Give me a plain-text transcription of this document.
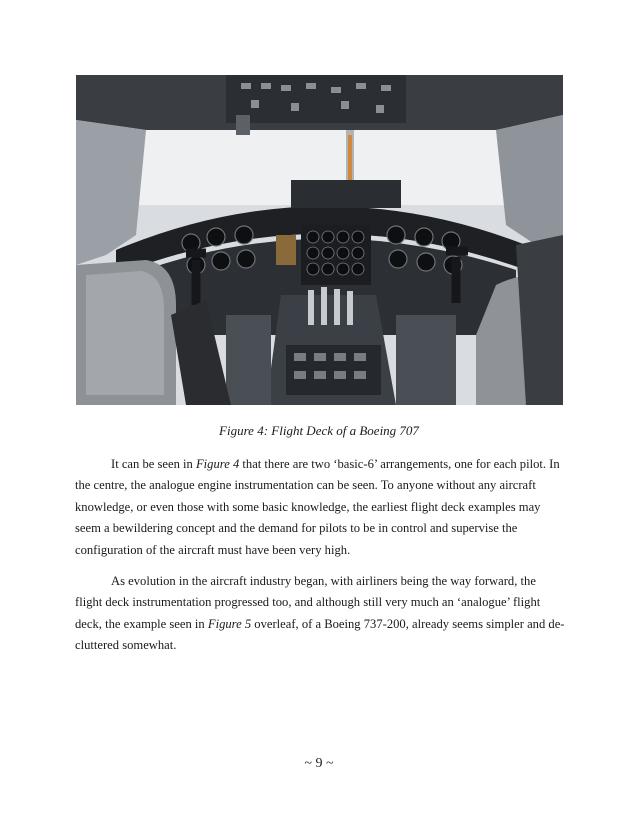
Figure 4: Flight Deck of a Boeing 707
It can be seen in Figure 4 that there are two ‘basic-6’ arrangements, one for each pilot. In
the centre, the analogue engine instrumentation can be seen. To anyone without any aircraft
knowledge, or even those with some basic knowledge, the earliest flight deck examples may
seem a bewildering concept and the demand for pilots to be in control and supervise the
configuration of the aircraft must have been very high.
As evolution in the aircraft industry began, with airliners being the way forward, the
flight deck instrumentation progressed too, and although still very much an ‘analogue’ flight
deck, the example seen in Figure 5 overleaf, of a Boeing 737-200, already seems simpler and de-
cluttered somewhat.
~ 9 ~
